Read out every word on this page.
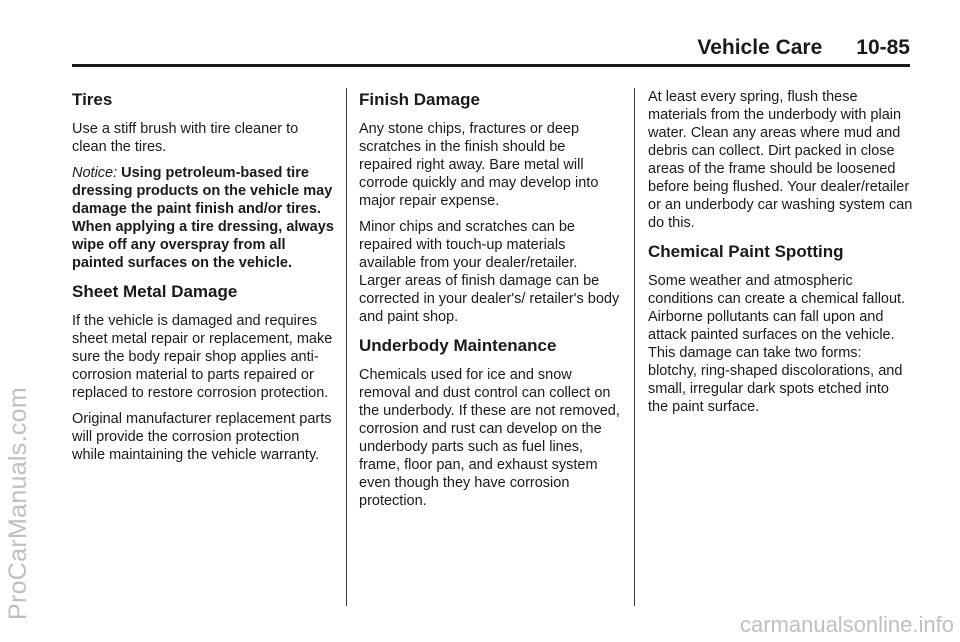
Vehicle Care 10-85
Tires

Use a stiff brush with tire cleaner to clean the tires.

Notice: Using petroleum-based tire dressing products on the vehicle may damage the paint finish and/or tires. When applying a tire dressing, always wipe off any overspray from all painted surfaces on the vehicle.

Sheet Metal Damage

If the vehicle is damaged and requires sheet metal repair or replacement, make sure the body repair shop applies anti-corrosion material to parts repaired or replaced to restore corrosion protection.

Original manufacturer replacement parts will provide the corrosion protection while maintaining the vehicle warranty.

Finish Damage

Any stone chips, fractures or deep scratches in the finish should be repaired right away. Bare metal will corrode quickly and may develop into major repair expense.

Minor chips and scratches can be repaired with touch-up materials available from your dealer/retailer. Larger areas of finish damage can be corrected in your dealer's/ retailer's body and paint shop.

Underbody Maintenance

Chemicals used for ice and snow removal and dust control can collect on the underbody. If these are not removed, corrosion and rust can develop on the underbody parts such as fuel lines, frame, floor pan, and exhaust system even though they have corrosion protection.

At least every spring, flush these materials from the underbody with plain water. Clean any areas where mud and debris can collect. Dirt packed in close areas of the frame should be loosened before being flushed. Your dealer/retailer or an underbody car washing system can do this.

Chemical Paint Spotting

Some weather and atmospheric conditions can create a chemical fallout. Airborne pollutants can fall upon and attack painted surfaces on the vehicle. This damage can take two forms: blotchy, ring-shaped discolorations, and small, irregular dark spots etched into the paint surface.

ProCarManuals.com
carmanualsonline.info
